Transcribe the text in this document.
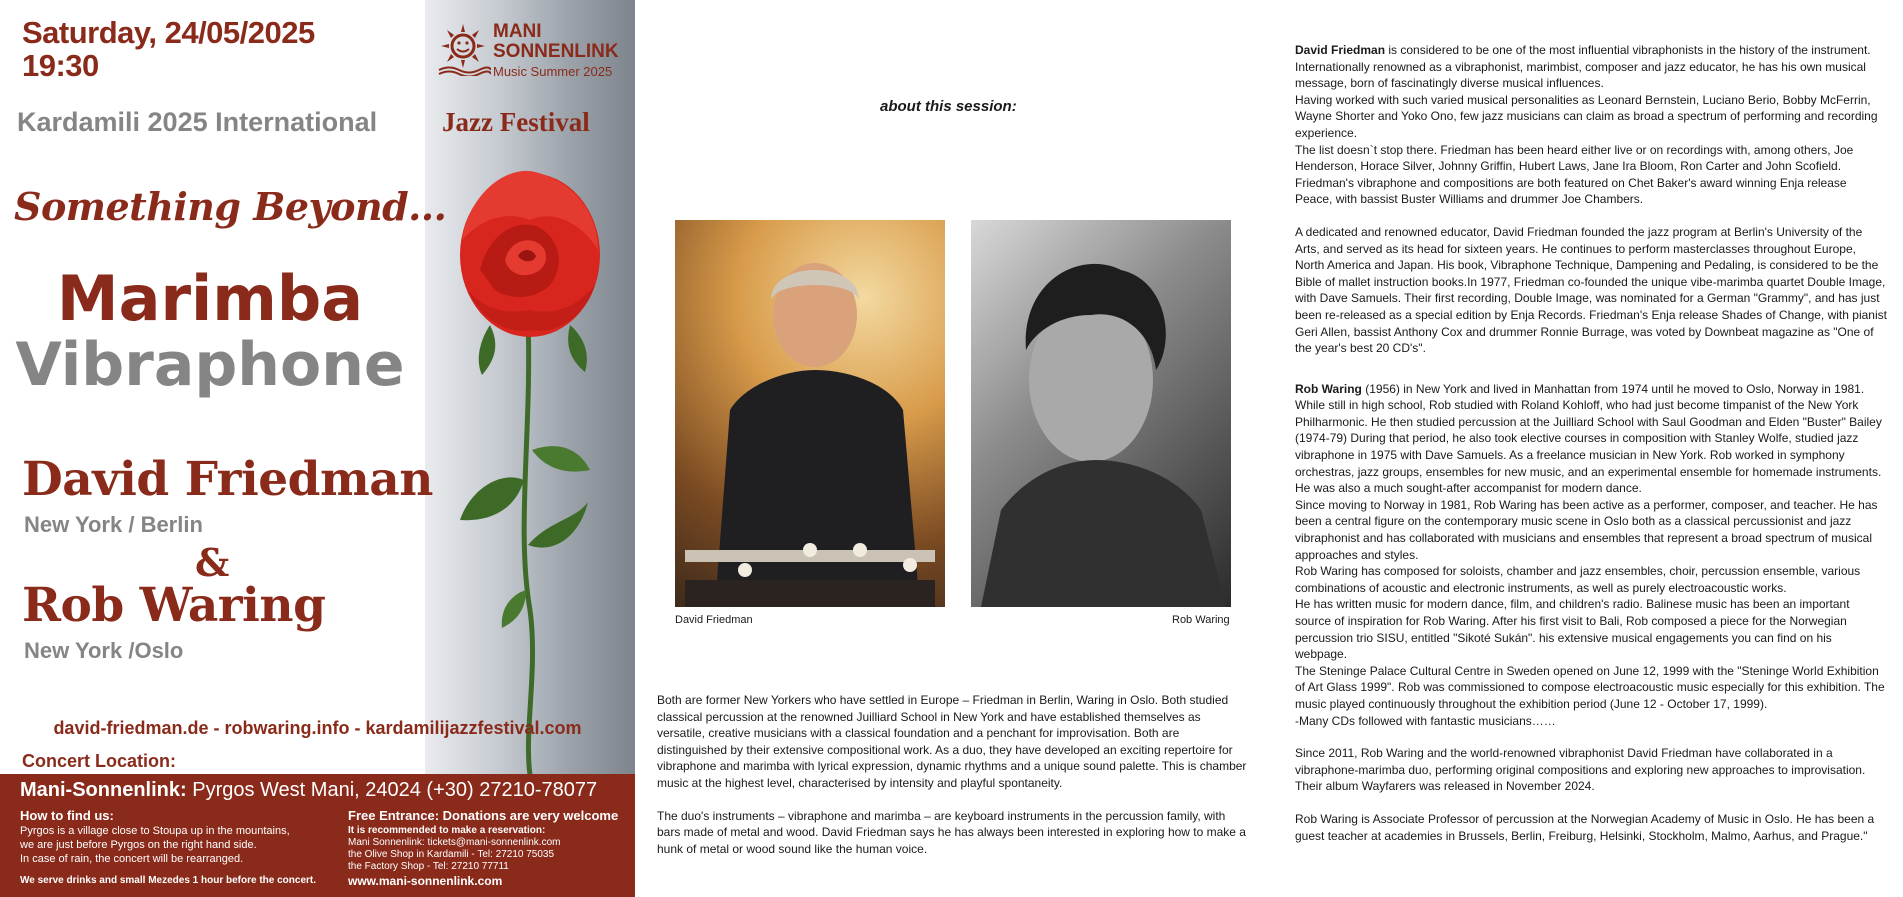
Saturday, 24/05/2025
19:30
MANI
SONNENLINK
Music Summer 2025
Kardamili 2025 International Jazz Festival
Something Beyond...
Marimba
Vibraphone
David Friedman
New York / Berlin
&
Rob Waring
New York /Oslo
david-friedman.de - robwaring.info - kardamilijazzfestival.com
Concert Location:
Mani-Sonnenlink: Pyrgos West Mani, 24024 (+30) 27210-78077
How to find us:
Pyrgos is a village close to Stoupa up in the mountains,
we are just before Pyrgos on the right hand side.
In case of rain, the concert will be rearranged.
We serve drinks and small Mezedes 1 hour before the concert.
Free Entrance: Donations are very welcome
It is recommended to make a reservation:
Mani Sonnenlink: tickets@mani-sonnenlink.com
the Olive Shop in Kardamili - Tel: 27210 75035
the Factory Shop - Tel: 27210 77711
www.mani-sonnenlink.com
about this session:
David Friedman	Rob Waring

Both are former New Yorkers who have settled in Europe – Friedman in Berlin, Waring in Oslo. Both studied classical percussion at the renowned Juilliard School in New York and have established themselves as versatile, creative musicians with a classical foundation and a penchant for improvisation. Both are distinguished by their extensive compositional work. As a duo, they have developed an exciting repertoire for vibraphone and marimba with lyrical expression, dynamic rhythms and a unique sound palette. This is chamber music at the highest level, characterised by intensity and playful spontaneity.

The duo's instruments – vibraphone and marimba – are keyboard instruments in the percussion family, with bars made of metal and wood. David Friedman says he has always been interested in exploring how to make a hunk of metal or wood sound like the human voice.

David Friedman is considered to be one of the most influential vibraphonists in the history of the instrument. Internationally renowned as a vibraphonist, marimbist, composer and jazz educator, he has his own musical message, born of fascinatingly diverse musical influences.

Having worked with such varied musical personalities as Leonard Bernstein, Luciano Berio, Bobby McFerrin, Wayne Shorter and Yoko Ono, few jazz musicians can claim as broad a spectrum of performing and recording experience.

The list doesn`t stop there. Friedman has been heard either live or on recordings with, among others, Joe Henderson, Horace Silver, Johnny Griffin, Hubert Laws, Jane Ira Bloom, Ron Carter and John Scofield. Friedman's vibraphone and compositions are both featured on Chet Baker's award winning Enja release Peace, with bassist Buster Williams and drummer Joe Chambers.

A dedicated and renowned educator, David Friedman founded the jazz program at Berlin's University of the Arts, and served as its head for sixteen years. He continues to perform masterclasses throughout Europe, North America and Japan. His book, Vibraphone Technique, Dampening and Pedaling, is considered to be the Bible of mallet instruction books.In 1977, Friedman co-founded the unique vibe-marimba quartet Double Image, with Dave Samuels. Their first recording, Double Image, was nominated for a German "Grammy", and has just been re-released as a special edition by Enja Records. Friedman's Enja release Shades of Change, with pianist Geri Allen, bassist Anthony Cox and drummer Ronnie Burrage, was voted by Downbeat magazine as "One of the year's best 20 CD's".

Rob Waring (1956) in New York and lived in Manhattan from 1974 until he moved to Oslo, Norway in 1981. While still in high school, Rob studied with Roland Kohloff, who had just become timpanist of the New York Philharmonic. He then studied percussion at the Juilliard School with Saul Goodman and Elden "Buster" Bailey (1974-79) During that period, he also took elective courses in composition with Stanley Wolfe, studied jazz vibraphone in 1975 with Dave Samuels. As a freelance musician in New York. Rob worked in symphony orchestras, jazz groups, ensembles for new music, and an experimental ensemble for homemade instruments. He was also a much sought-after accompanist for modern dance.

Since moving to Norway in 1981, Rob Waring has been active as a performer, composer, and teacher. He has been a central figure on the contemporary music scene in Oslo both as a classical percussionist and jazz vibraphonist and has collaborated with musicians and ensembles that represent a broad spectrum of musical approaches and styles.

Rob Waring has composed for soloists, chamber and jazz ensembles, choir, percussion ensemble, various combinations of acoustic and electronic instruments, as well as purely electroacoustic works.

He has written music for modern dance, film, and children's radio. Balinese music has been an important source of inspiration for Rob Waring. After his first visit to Bali, Rob composed a piece for the Norwegian percussion trio SISU, entitled "Sikoté Sukán". his extensive musical engagements you can find on his webpage.

The Steninge Palace Cultural Centre in Sweden opened on June 12, 1999 with the "Steninge World Exhibition of Art Glass 1999". Rob was commissioned to compose electroacoustic music especially for this exhibition. The music played continuously throughout the exhibition period (June 12 - October 17, 1999).

-Many CDs followed with fantastic musicians……

Since 2011, Rob Waring and the world-renowned vibraphonist David Friedman have collaborated in a vibraphone-marimba duo, performing original compositions and exploring new approaches to improvisation. Their album Wayfarers was released in November 2024.

Rob Waring is Associate Professor of percussion at the Norwegian Academy of Music in Oslo. He has been a guest teacher at academies in Brussels, Berlin, Freiburg, Helsinki, Stockholm, Malmo, Aarhus, and Prague."
